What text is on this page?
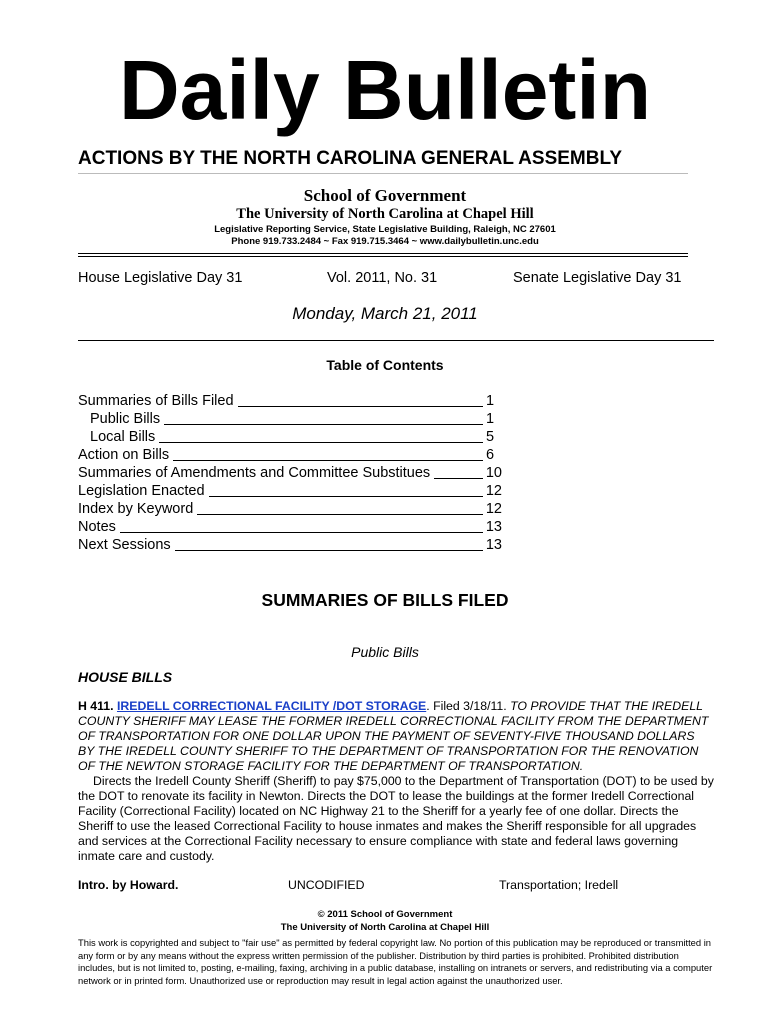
Daily Bulletin
ACTIONS BY THE NORTH CAROLINA GENERAL ASSEMBLY
School of Government
The University of North Carolina at Chapel Hill
Legislative Reporting Service, State Legislative Building, Raleigh, NC 27601
Phone 919.733.2484 ~ Fax 919.715.3464 ~ www.dailybulletin.unc.edu
House Legislative Day 31	Vol. 2011, No. 31	Senate Legislative Day 31
Monday, March 21, 2011
Table of Contents
Summaries of Bills Filed	1
Public Bills	1
Local Bills	5
Action on Bills	6
Summaries of Amendments and Committee Substitues	10
Legislation Enacted	12
Index by Keyword	12
Notes	13
Next Sessions	13
SUMMARIES OF BILLS FILED
Public Bills
HOUSE BILLS

H 411. IREDELL CORRECTIONAL FACILITY /DOT STORAGE. Filed 3/18/11. TO PROVIDE THAT THE IREDELL COUNTY SHERIFF MAY LEASE THE FORMER IREDELL CORRECTIONAL FACILITY FROM THE DEPARTMENT OF TRANSPORTATION FOR ONE DOLLAR UPON THE PAYMENT OF SEVENTY-FIVE THOUSAND DOLLARS BY THE IREDELL COUNTY SHERIFF TO THE DEPARTMENT OF TRANSPORTATION FOR THE RENOVATION OF THE NEWTON STORAGE FACILITY FOR THE DEPARTMENT OF TRANSPORTATION.

Directs the Iredell County Sheriff (Sheriff) to pay $75,000 to the Department of Transportation (DOT) to be used by the DOT to renovate its facility in Newton. Directs the DOT to lease the buildings at the former Iredell Correctional Facility (Correctional Facility) located on NC Highway 21 to the Sheriff for a yearly fee of one dollar. Directs the Sheriff to use the leased Correctional Facility to house inmates and makes the Sheriff responsible for all upgrades and services at the Correctional Facility necessary to ensure compliance with state and federal laws governing inmate care and custody.

Intro. by Howard.	UNCODIFIED	Transportation; Iredell
© 2011 School of Government
The University of North Carolina at Chapel Hill
This work is copyrighted and subject to "fair use" as permitted by federal copyright law. No portion of this publication may be reproduced or transmitted in any form or by any means without the express written permission of the publisher. Distribution by third parties is prohibited. Prohibited distribution includes, but is not limited to, posting, e-mailing, faxing, archiving in a public database, installing on intranets or servers, and redistributing via a computer network or in printed form. Unauthorized use or reproduction may result in legal action against the unauthorized user.
